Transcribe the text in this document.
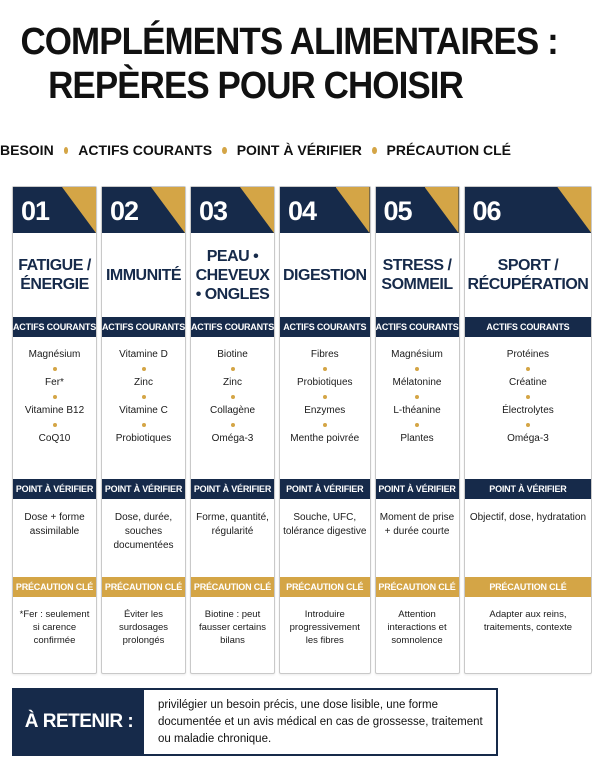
COMPLÉMENTS ALIMENTAIRES :
REPÈRES POUR CHOISIR
BESOIN ACTIFS COURANTS POINT À VÉRIFIER PRÉCAUTION CLÉ
01
FATIGUE / ÉNERGIE
ACTIFS COURANTS
Magnésium
Fer*
Vitamine B12
CoQ10
POINT À VÉRIFIER
Dose + forme assimilable
PRÉCAUTION CLÉ
*Fer : seulement si carence confirmée
02
IMMUNITÉ
ACTIFS COURANTS
Vitamine D
Zinc
Vitamine C
Probiotiques
POINT À VÉRIFIER
Dose, durée, souches documentées
PRÉCAUTION CLÉ
Éviter les surdosages prolongés
03
PEAU • CHEVEUX • ONGLES
ACTIFS COURANTS
Biotine
Zinc
Collagène
Oméga-3
POINT À VÉRIFIER
Forme, quantité, régularité
PRÉCAUTION CLÉ
Biotine : peut fausser certains bilans
04
DIGESTION
ACTIFS COURANTS
Fibres
Probiotiques
Enzymes
Menthe poivrée
POINT À VÉRIFIER
Souche, UFC, tolérance digestive
PRÉCAUTION CLÉ
Introduire progressivement les fibres
05
STRESS / SOMMEIL
ACTIFS COURANTS
Magnésium
Mélatonine
L-théanine
Plantes
POINT À VÉRIFIER
Moment de prise + durée courte
PRÉCAUTION CLÉ
Attention interactions et somnolence
06
SPORT / RÉCUPÉRATION
ACTIFS COURANTS
Protéines
Créatine
Électrolytes
Oméga-3
POINT À VÉRIFIER
Objectif, dose, hydratation
PRÉCAUTION CLÉ
Adapter aux reins, traitements, contexte
À RETENIR :
privilégier un besoin précis, une dose lisible, une forme documentée et un avis médical en cas de grossesse, traitement ou maladie chronique.
